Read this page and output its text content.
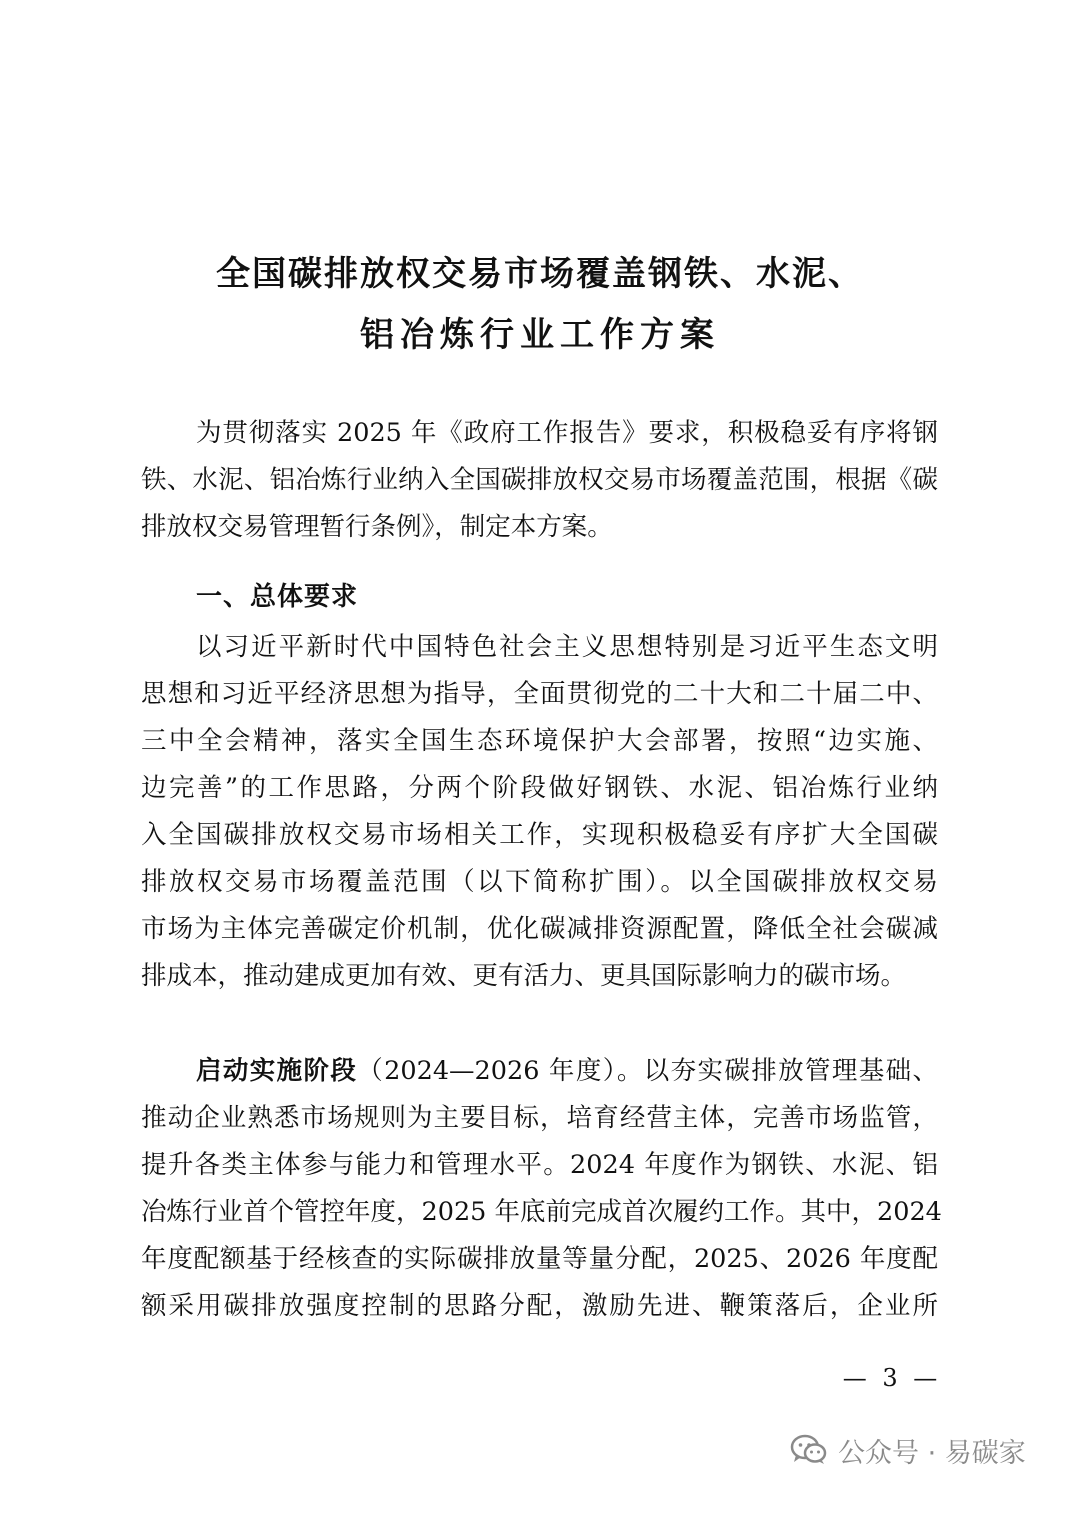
全国碳排放权交易市场覆盖钢铁、水泥、
铝冶炼行业工作方案
为贯彻落实 2025 年《政府工作报告》要求，积极稳妥有序将钢
铁、水泥、铝冶炼行业纳入全国碳排放权交易市场覆盖范围，根据《碳
排放权交易管理暂行条例》，制定本方案。
一、总体要求
以习近平新时代中国特色社会主义思想特别是习近平生态文明
思想和习近平经济思想为指导，全面贯彻党的二十大和二十届二中、
三中全会精神，落实全国生态环境保护大会部署，按照“边实施、
边完善”的工作思路，分两个阶段做好钢铁、水泥、铝冶炼行业纳
入全国碳排放权交易市场相关工作，实现积极稳妥有序扩大全国碳
排放权交易市场覆盖范围（以下简称扩围）。以全国碳排放权交易
市场为主体完善碳定价机制，优化碳减排资源配置，降低全社会碳减
排成本，推动建成更加有效、更有活力、更具国际影响力的碳市场。
启动实施阶段（2024—2026 年度）。以夯实碳排放管理基础、
推动企业熟悉市场规则为主要目标，培育经营主体，完善市场监管，
提升各类主体参与能力和管理水平。2024 年度作为钢铁、水泥、铝
冶炼行业首个管控年度，2025 年底前完成首次履约工作。其中，2024
年度配额基于经核查的实际碳排放量等量分配，2025、2026 年度配
额采用碳排放强度控制的思路分配，激励先进、鞭策落后，企业所
— 3 —
公众号 · 易碳家
